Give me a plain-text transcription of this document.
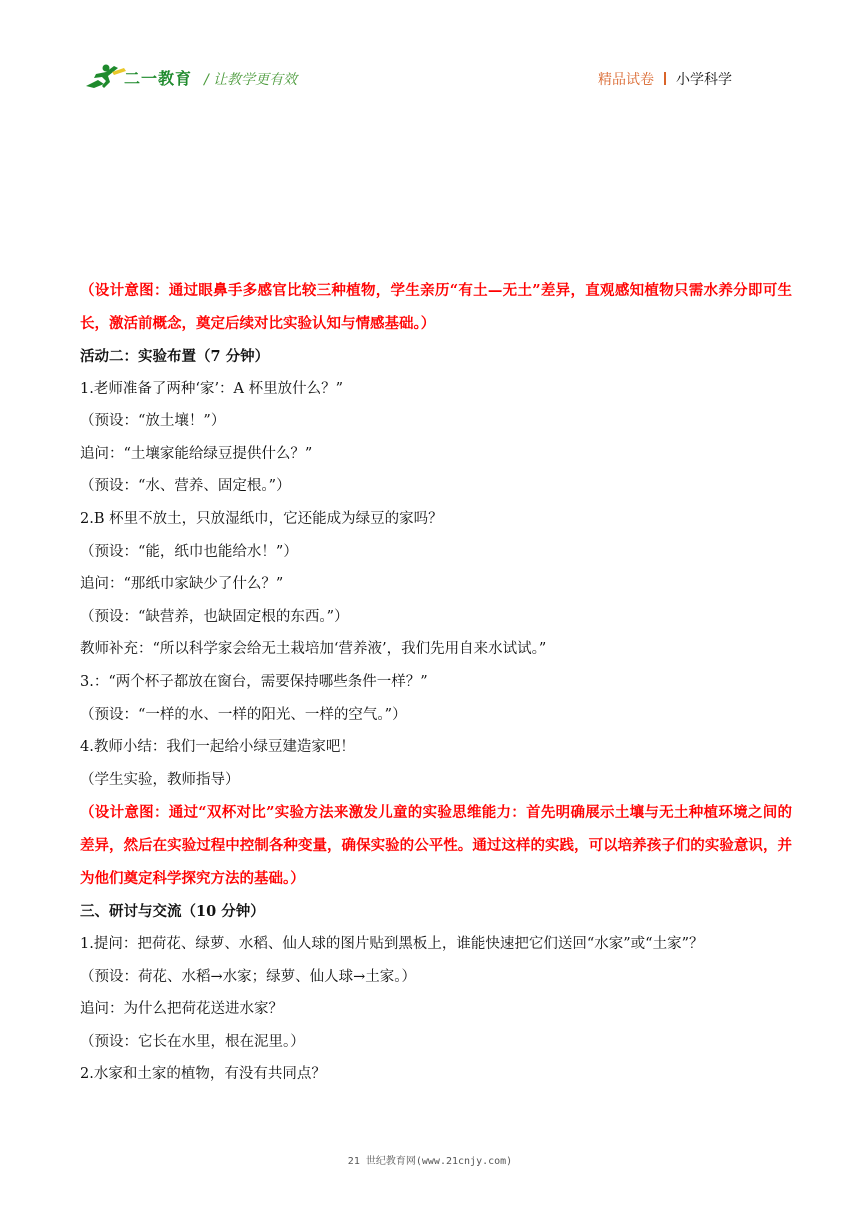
二一教育 / 让教学更有效	精品试卷 小学科学
（设计意图：通过眼鼻手多感官比较三种植物，学生亲历“有土—无土”差异，直观感知植物只需水养分即可生长，激活前概念，奠定后续对比实验认知与情感基础。）
活动二：实验布置（7 分钟）
1.老师准备了两种‘家’：A 杯里放什么？”
（预设：“放土壤！”）
追问：“土壤家能给绿豆提供什么？”
（预设：“水、营养、固定根。”）
2.B 杯里不放土，只放湿纸巾，它还能成为绿豆的家吗？
（预设：“能，纸巾也能给水！”）
追问：“那纸巾家缺少了什么？”
（预设：“缺营养，也缺固定根的东西。”）
教师补充：“所以科学家会给无土栽培加‘营养液’，我们先用自来水试试。”
3.：“两个杯子都放在窗台，需要保持哪些条件一样？”
（预设：“一样的水、一样的阳光、一样的空气。”）
4.教师小结：我们一起给小绿豆建造家吧！
（学生实验，教师指导）
（设计意图：通过“双杯对比”实验方法来激发儿童的实验思维能力：首先明确展示土壤与无土种植环境之间的差异，然后在实验过程中控制各种变量，确保实验的公平性。通过这样的实践，可以培养孩子们的实验意识，并为他们奠定科学探究方法的基础。）
三、研讨与交流（10 分钟）
1.提问：把荷花、绿萝、水稻、仙人球的图片贴到黑板上，谁能快速把它们送回“水家”或“土家”？
（预设：荷花、水稻→水家；绿萝、仙人球→土家。）
追问：为什么把荷花送进水家？
（预设：它长在水里，根在泥里。）
2.水家和土家的植物，有没有共同点？
21 世纪教育网(www.21cnjy.com)
